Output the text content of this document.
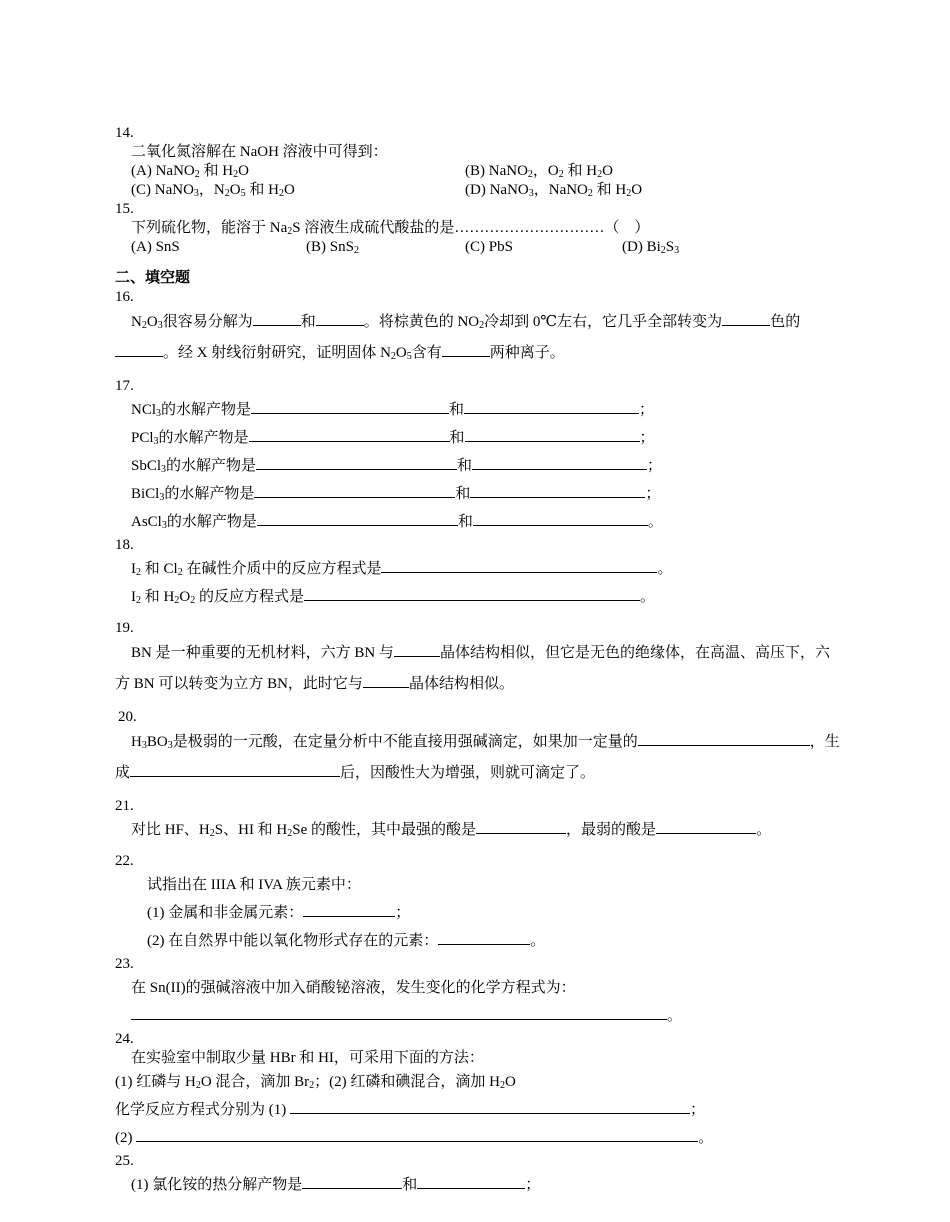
14.
二氧化氮溶解在 NaOH 溶液中可得到：
(A) NaNO$_2$ 和 $H_2O$	(B) NaNO$_2$，$O_2$ 和 $H_2O$
(C) NaNO$_3$，$N_2O_5$ 和 $H_2O$	(D) NaNO$_3$，NaNO$_2$ 和 $H_2O$
15.
下列硫化物，能溶于 $Na_2S$ 溶液生成硫代酸盐的是…………………………（　）
(A) SnS	(B) SnS$_2$	(C) PbS	(D) $Bi_2S_3$
二、填空题
16.

$N_2O_3$很容易分解为	和	。将棕黄色的 $NO_2$冷却到 0℃左右，它几乎全部转变为	色的。经 X 射线衍射研究，证明固体 $N_2O_5$含有	两种离子。

17.
NCl$_3$的水解产物是	和	；
PCl$_3$的水解产物是	和	；
SbCl$_3$的水解产物是	和	；
BiCl$_3$的水解产物是	和	；
AsCl$_3$的水解产物是	和	。
18.
$I_2$ 和 $Cl_2$ 在碱性介质中的反应方程式是	。
$I_2$ 和 $H_2O_2$ 的反应方程式是	。
19.

BN 是一种重要的无机材料，六方 BN 与	晶体结构相似，但它是无色的绝缘体，在高温、高压下，六方 BN 可以转变为立方 BN，此时它与	晶体结构相似。

20.

$H_3BO_3$是极弱的一元酸，在定量分析中不能直接用强碱滴定，如果加一定量的	，生成	后，因酸性大为增强，则就可滴定了。

21.
对比 HF、$H_2S$、HI 和 $H_2Se$ 的酸性，其中最强的酸是	，最弱的酸是	。
22.
试指出在 IIIA 和 IVA 族元素中：
(1) 金属和非金属元素：	；
(2) 在自然界中能以氧化物形式存在的元素：	。
23.
在 Sn(II)的强碱溶液中加入硝酸铋溶液，发生变化的化学方程式为：
。
24.
在实验室中制取少量 HBr 和 HI，可采用下面的方法：
(1) 红磷与 $H_2O$ 混合，滴加 $Br_2$；(2) 红磷和碘混合，滴加 $H_2O$
化学反应方程式分别为 (1)	；
(2)	。
25.
(1) 氯化铵的热分解产物是	和	；
